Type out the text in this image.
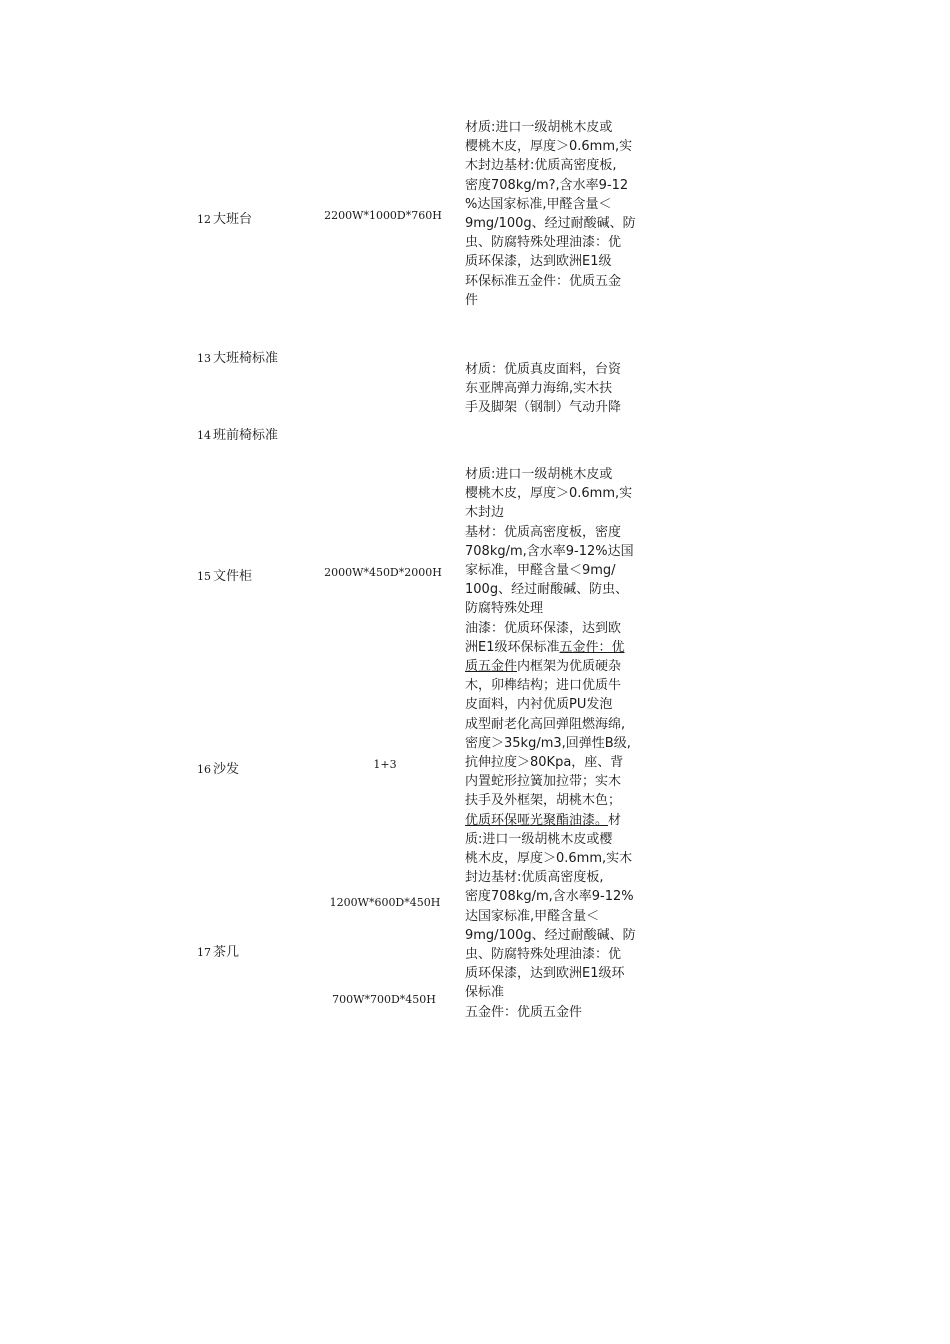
12 大班台
13 大班椅标准
14 班前椅标准
15 文件柜
16 沙发
17 茶几
2200W*1000D*760H
2000W*450D*2000H
1+3
1200W*600D*450H
700W*700D*450H
材质:进口一级胡桃木皮或
樱桃木皮，厚度＞0.6mm,实
木封边基材:优质高密度板,
密度708kg/m?,含水率9-12
%达国家标准,甲醛含量＜
9mg/100g、经过耐酸碱、防
虫、防腐特殊处理油漆：优
质环保漆，达到欧洲E1级
环保标准五金件：优质五金
件
材质：优质真皮面料，台资
东亚牌高弹力海绵,实木扶
手及脚架（钢制）气动升降
材质:进口一级胡桃木皮或
樱桃木皮，厚度＞0.6mm,实
木封边
基材：优质高密度板，密度
708kg/m,含水率9-12%达国
家标准，甲醛含量＜9mg/
100g、经过耐酸碱、防虫、
防腐特殊处理
油漆：优质环保漆，达到欧
洲E1级环保标准五金件：优
质五金件内框架为优质硬杂
木，卯榫结构；进口优质牛
皮面料，内衬优质PU发泡
成型耐老化高回弹阻燃海绵,
密度＞35kg/m3,回弹性B级,
抗伸拉度＞80Kpa，座、背
内置蛇形拉簧加拉带；实木
扶手及外框架，胡桃木色；
优质环保哑光聚酯油漆。材
质:进口一级胡桃木皮或樱
桃木皮，厚度＞0.6mm,实木
封边基材:优质高密度板,
密度708kg/m,含水率9-12%
达国家标准,甲醛含量＜
9mg/100g、经过耐酸碱、防
虫、防腐特殊处理油漆：优
质环保漆，达到欧洲E1级环
保标准
五金件：优质五金件
